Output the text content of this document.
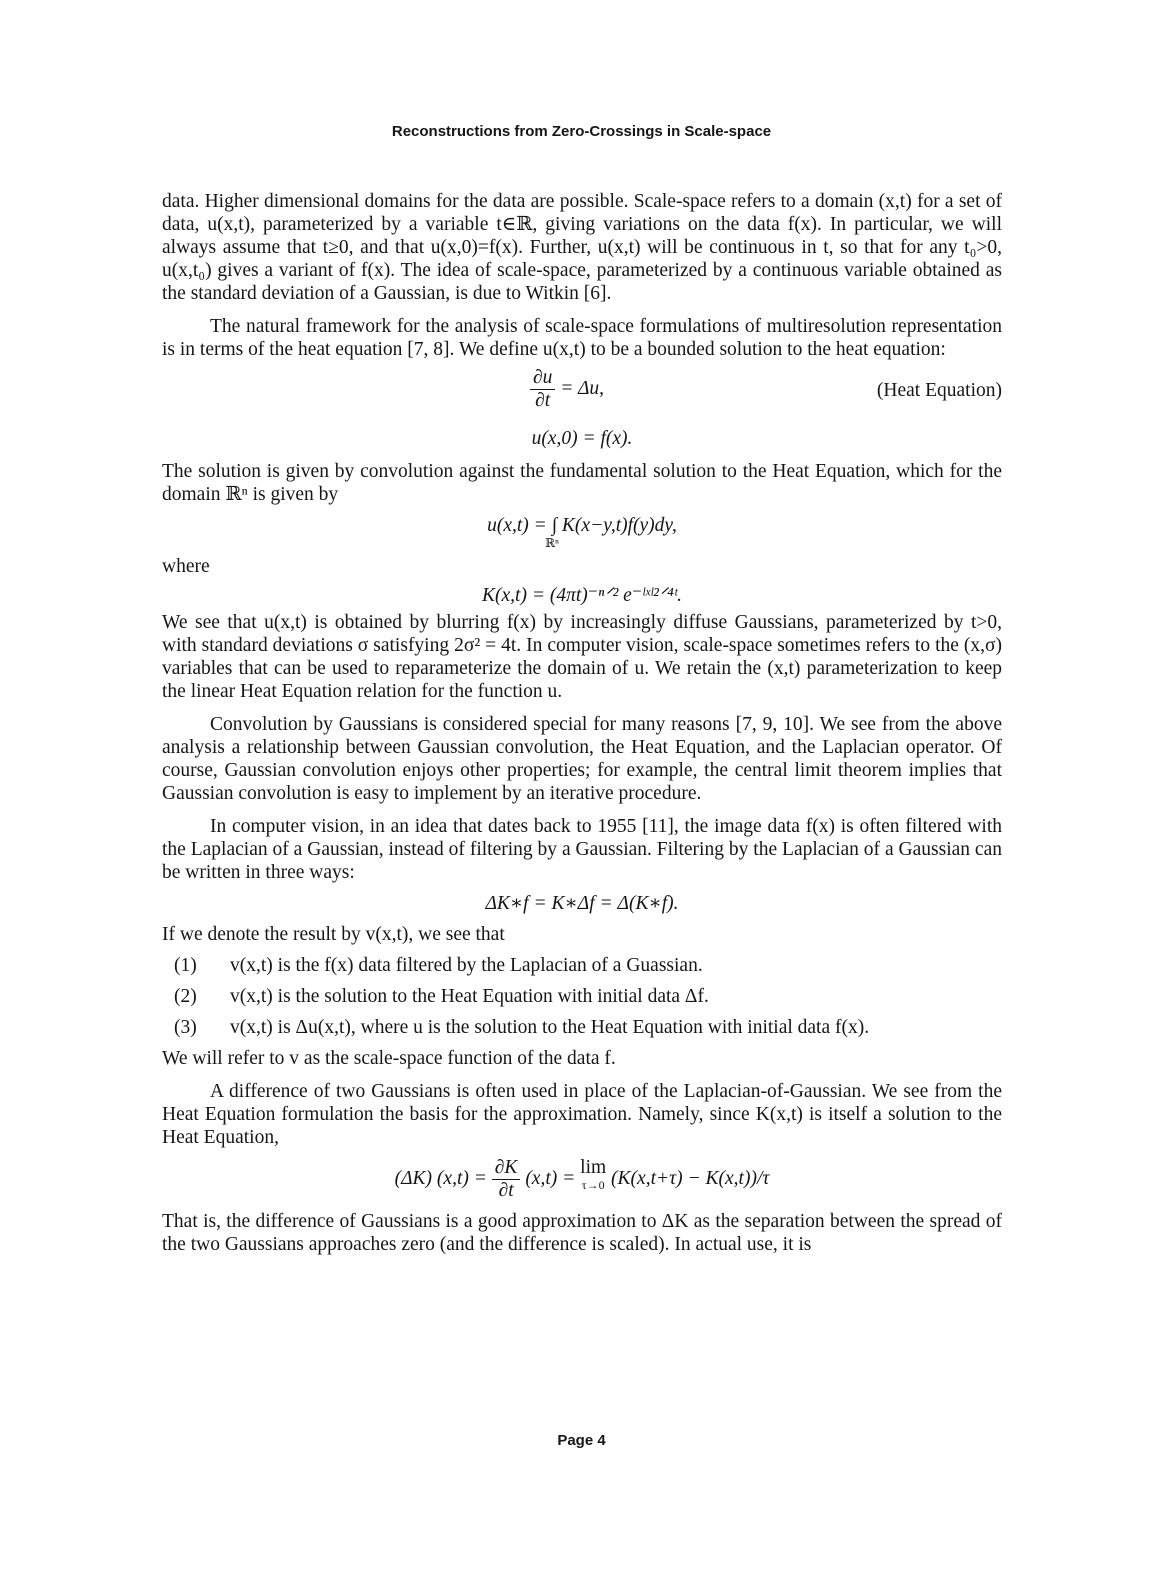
Reconstructions from Zero-Crossings in Scale-space

data. Higher dimensional domains for the data are possible. Scale-space refers to a domain (x,t) for a set of data, u(x,t), parameterized by a variable t∈ℝ, giving variations on the data f(x). In particular, we will always assume that t≥0, and that u(x,0)=f(x). Further, u(x,t) will be continuous in t, so that for any t₀>0, u(x,t₀) gives a variant of f(x). The idea of scale-space, parameterized by a continuous variable obtained as the standard deviation of a Gaussian, is due to Witkin [6].

The natural framework for the analysis of scale-space formulations of multiresolution representation is in terms of the heat equation [7, 8]. We define u(x,t) to be a bounded solution to the heat equation:

$\frac{\partial u}{\partial t} = \Delta u$,	(Heat Equation)
u(x,0) = f(x).

The solution is given by convolution against the fundamental solution to the Heat Equation, which for the domain ℝⁿ is given by

u(x,t) = ∫ K(x−y,t)f(y)dy,
ℝⁿ

where

K(x,t) = (4πt)⁻ⁿᐟ² e⁻ˡˣˡ²ᐟ⁴ᵗ.

We see that u(x,t) is obtained by blurring f(x) by increasingly diffuse Gaussians, parameterized by t>0, with standard deviations σ satisfying 2σ² = 4t. In computer vision, scale-space sometimes refers to the (x,σ) variables that can be used to reparameterize the domain of u. We retain the (x,t) parameterization to keep the linear Heat Equation relation for the function u.

Convolution by Gaussians is considered special for many reasons [7, 9, 10]. We see from the above analysis a relationship between Gaussian convolution, the Heat Equation, and the Laplacian operator. Of course, Gaussian convolution enjoys other properties; for example, the central limit theorem implies that Gaussian convolution is easy to implement by an iterative procedure.

In computer vision, in an idea that dates back to 1955 [11], the image data f(x) is often filtered with the Laplacian of a Gaussian, instead of filtering by a Gaussian. Filtering by the Laplacian of a Gaussian can be written in three ways:

ΔK∗f = K∗Δf = Δ(K∗f).

If we denote the result by v(x,t), we see that

(1) v(x,t) is the f(x) data filtered by the Laplacian of a Guassian.
(2) v(x,t) is the solution to the Heat Equation with initial data Δf.
(3) v(x,t) is Δu(x,t), where u is the solution to the Heat Equation with initial data f(x).

We will refer to v as the scale-space function of the data f.

A difference of two Gaussians is often used in place of the Laplacian-of-Gaussian. We see from the Heat Equation formulation the basis for the approximation. Namely, since K(x,t) is itself a solution to the Heat Equation,

(ΔK) $(x,t) = \frac{\partial K}{\partial t} (x,t) = \lim$
τ→0 (K(x,t+τ) − K(x,t))/τ

That is, the difference of Gaussians is a good approximation to ΔK as the separation between the spread of the two Gaussians approaches zero (and the difference is scaled). In actual use, it is

Page 4
